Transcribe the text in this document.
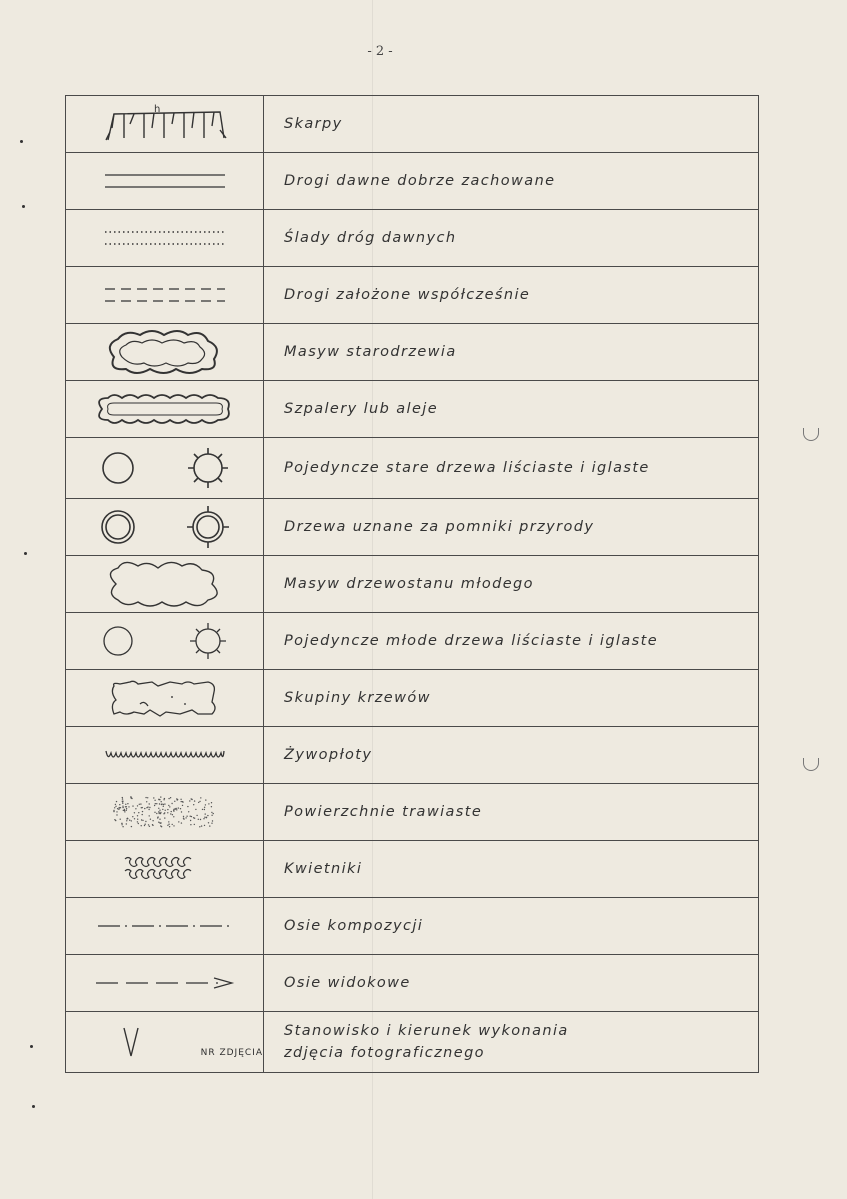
- 2 -
h	Skarpy

	Drogi dawne dobrze zachowane

	Ślady dróg dawnych

	Drogi założone współcześnie

	Masyw starodrzewia

	Szpalery lub aleje

	Pojedyncze stare drzewa liściaste i iglaste

	Drzewa uznane za pomniki przyrody

	Masyw drzewostanu młodego

	Pojedyncze młode drzewa liściaste i iglaste

	Skupiny krzewów

	Żywopłoty

	Powierzchnie trawiaste

	Kwietniki

	Osie kompozycji

	Osie widokowe

NR ZDJĘCIA	Stanowisko i kierunek wykonania
zdjęcia fotograficznego
